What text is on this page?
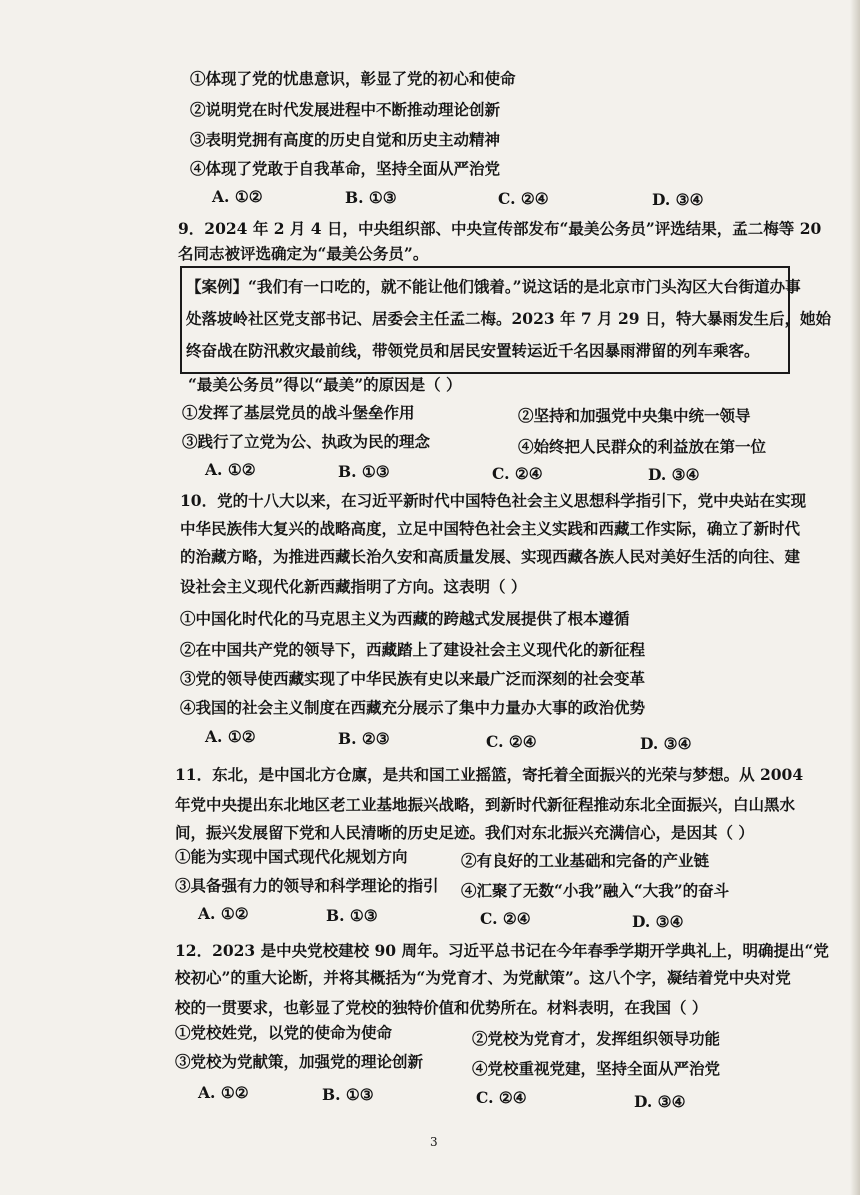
①体现了党的忧患意识，彰显了党的初心和使命
②说明党在时代发展进程中不断推动理论创新
③表明党拥有高度的历史自觉和历史主动精神
④体现了党敢于自我革命，坚持全面从严治党
A. ①②	B. ①③	C. ②④	D. ③④
9．2024 年 2 月 4 日，中央组织部、中央宣传部发布“最美公务员”评选结果，孟二梅等 20
名同志被评选确定为“最美公务员”。
【案例】“我们有一口吃的，就不能让他们饿着。”说这话的是北京市门头沟区大台街道办事
处落坡岭社区党支部书记、居委会主任孟二梅。2023 年 7 月 29 日，特大暴雨发生后，她始
终奋战在防汛救灾最前线，带领党员和居民安置转运近千名因暴雨滞留的列车乘客。
“最美公务员”得以“最美”的原因是（ ）
①发挥了基层党员的战斗堡垒作用	②坚持和加强党中央集中统一领导
③践行了立党为公、执政为民的理念	④始终把人民群众的利益放在第一位
A. ①②	B. ①③	C. ②④	D. ③④
10．党的十八大以来，在习近平新时代中国特色社会主义思想科学指引下，党中央站在实现
中华民族伟大复兴的战略高度，立足中国特色社会主义实践和西藏工作实际，确立了新时代
的治藏方略，为推进西藏长治久安和高质量发展、实现西藏各族人民对美好生活的向往、建
设社会主义现代化新西藏指明了方向。这表明（ ）
①中国化时代化的马克思主义为西藏的跨越式发展提供了根本遵循
②在中国共产党的领导下，西藏踏上了建设社会主义现代化的新征程
③党的领导使西藏实现了中华民族有史以来最广泛而深刻的社会变革
④我国的社会主义制度在西藏充分展示了集中力量办大事的政治优势
A. ①②	B. ②③	C. ②④	D. ③④
11．东北，是中国北方仓廪，是共和国工业摇篮，寄托着全面振兴的光荣与梦想。从 2004
年党中央提出东北地区老工业基地振兴战略，到新时代新征程推动东北全面振兴，白山黑水
间，振兴发展留下党和人民清晰的历史足迹。我们对东北振兴充满信心，是因其（ ）
①能为实现中国式现代化规划方向	②有良好的工业基础和完备的产业链
③具备强有力的领导和科学理论的指引 ④汇聚了无数“小我”融入“大我”的奋斗
A. ①②	B. ①③	C. ②④	D. ③④
12．2023 是中央党校建校 90 周年。习近平总书记在今年春季学期开学典礼上，明确提出“党
校初心”的重大论断，并将其概括为“为党育才、为党献策”。这八个字，凝结着党中央对党
校的一贯要求，也彰显了党校的独特价值和优势所在。材料表明，在我国（ ）
①党校姓党，以党的使命为使命	②党校为党育才，发挥组织领导功能
③党校为党献策，加强党的理论创新	④党校重视党建，坚持全面从严治党
A. ①②	B. ①③	C. ②④	D. ③④
3
